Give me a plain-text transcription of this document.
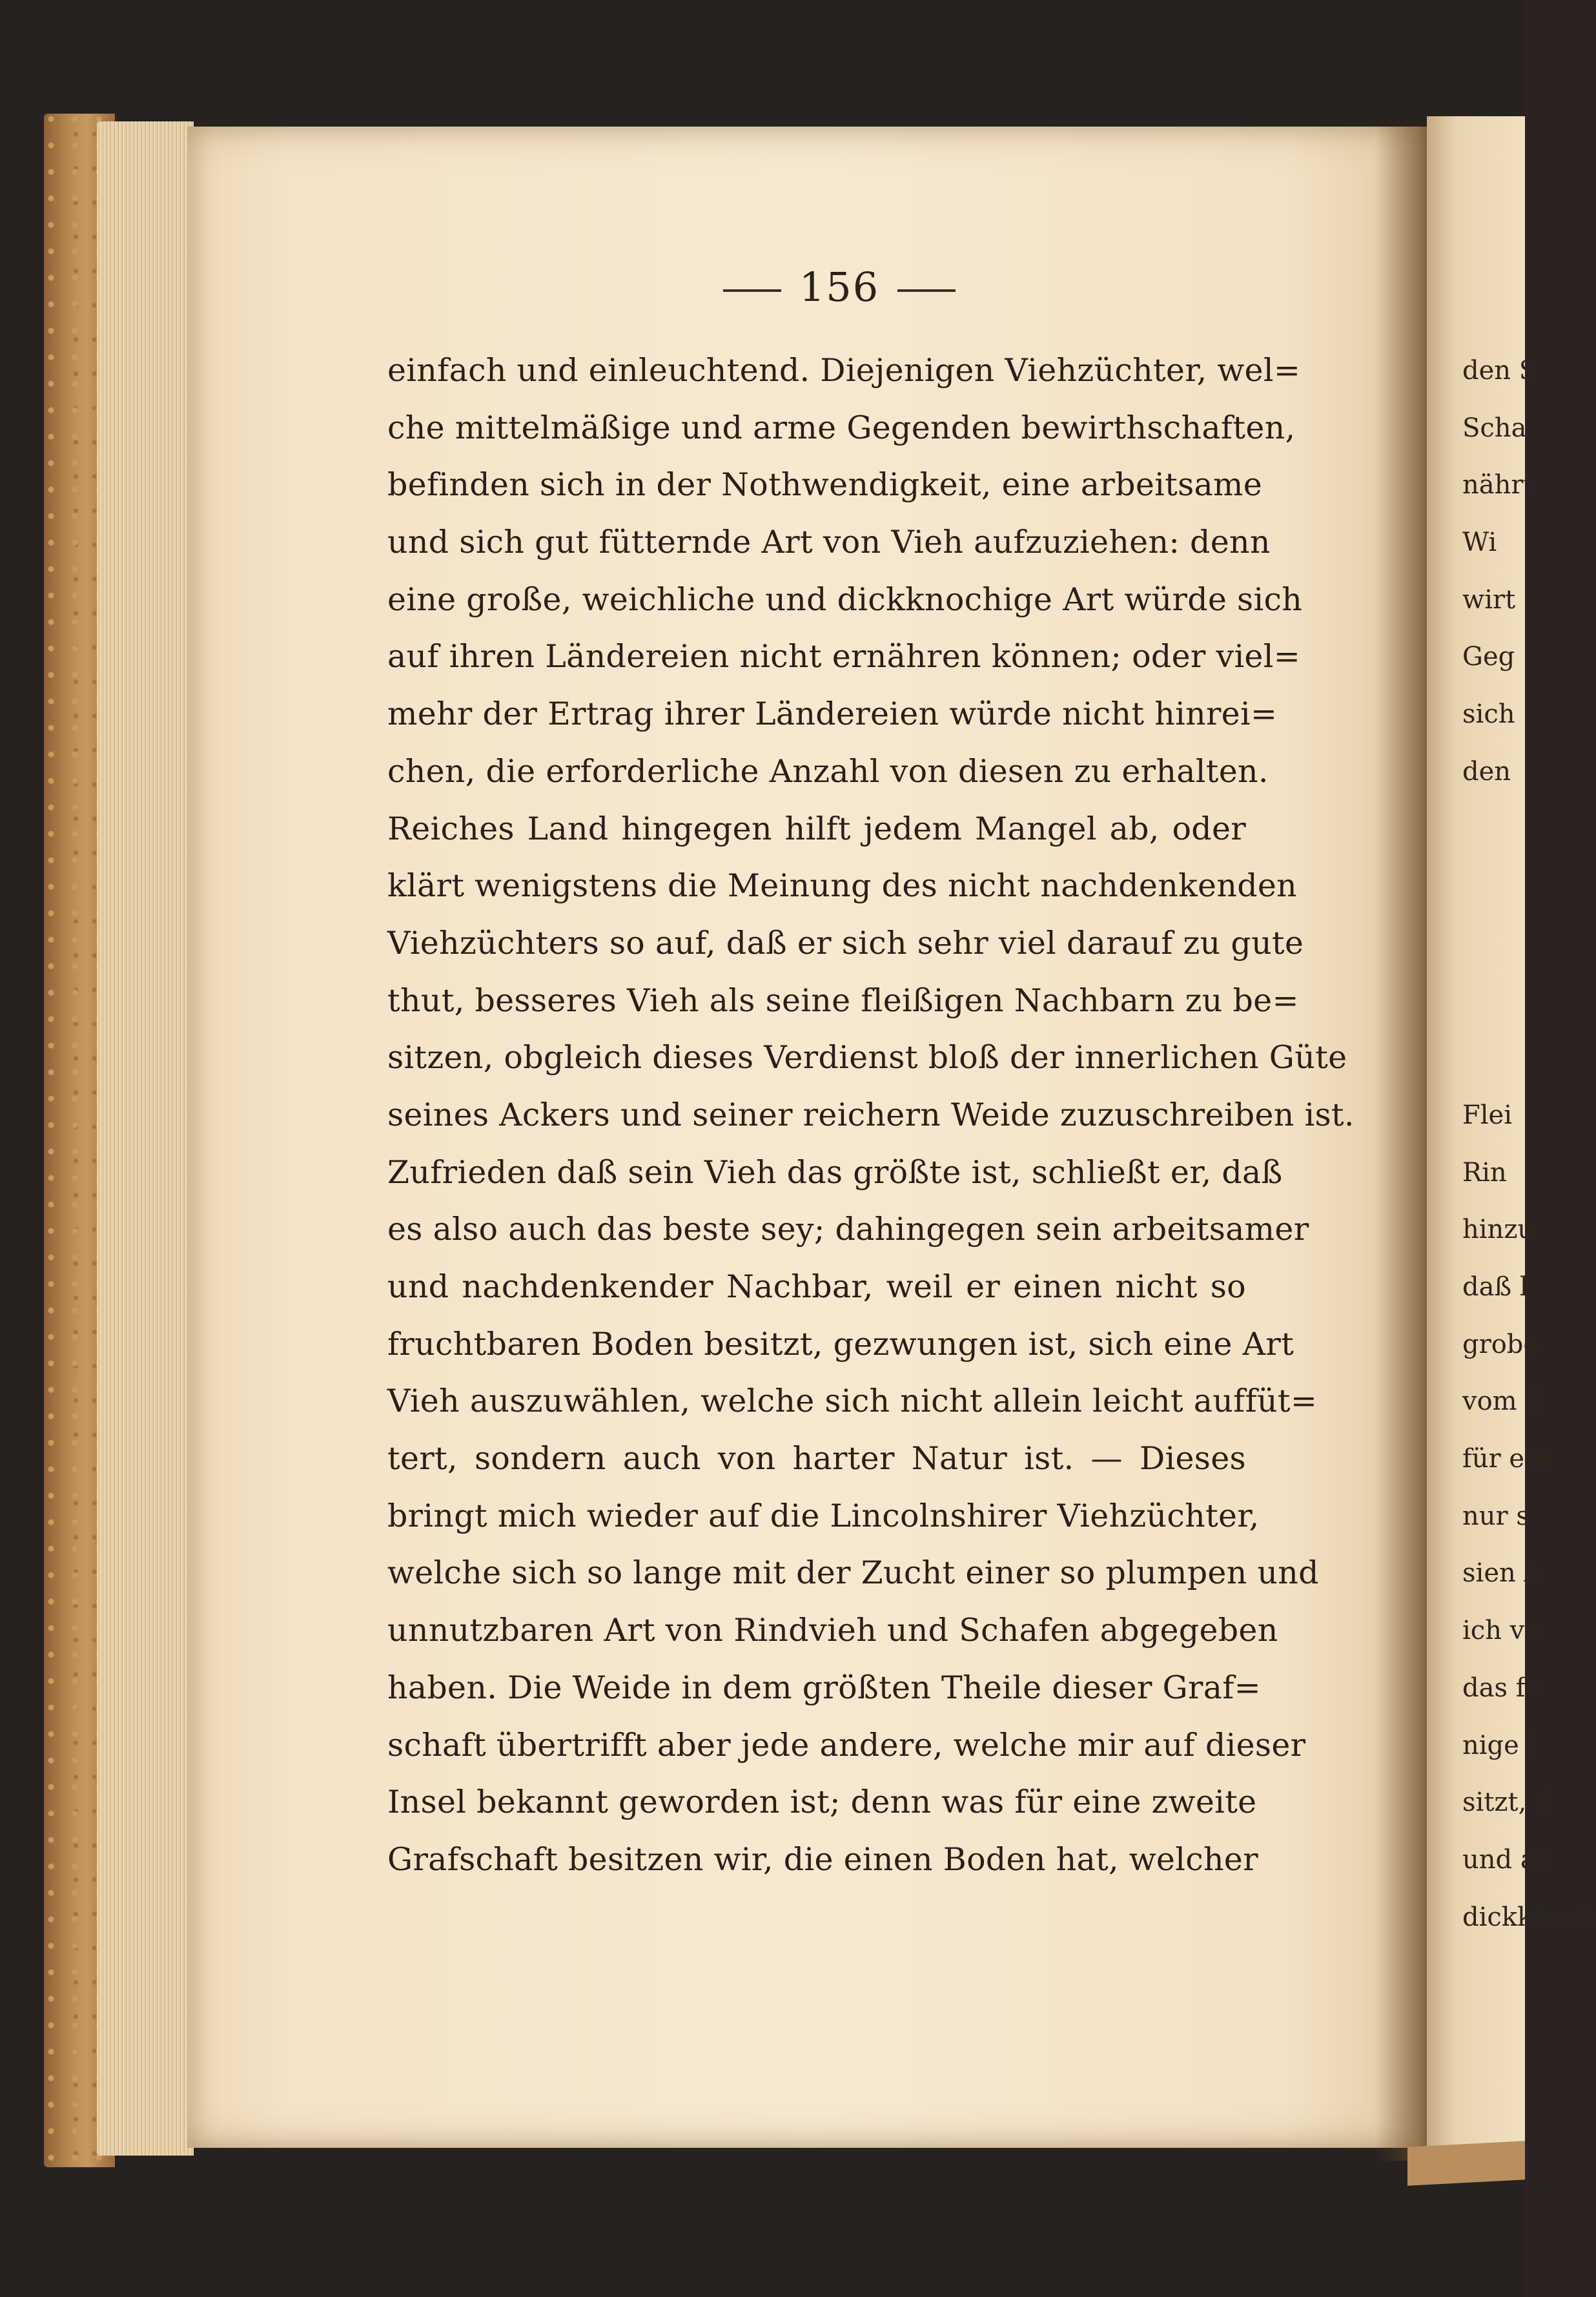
156
einfach und einleuchtend. Diejenigen Viehzüchter, wel=
che mittelmäßige und arme Gegenden bewirthschaften,
befinden sich in der Nothwendigkeit, eine arbeitsame
und sich gut fütternde Art von Vieh aufzuziehen: denn
eine große, weichliche und dickknochige Art würde sich
auf ihren Ländereien nicht ernähren können; oder viel=
mehr der Ertrag ihrer Ländereien würde nicht hinrei=
chen, die erforderliche Anzahl von diesen zu erhalten.
Reiches Land hingegen hilft jedem Mangel ab, oder
klärt wenigstens die Meinung des nicht nachdenkenden
Viehzüchters so auf, daß er sich sehr viel darauf zu gute
thut, besseres Vieh als seine fleißigen Nachbarn zu be=
sitzen, obgleich dieses Verdienst bloß der innerlichen Güte
seines Ackers und seiner reichern Weide zuzuschreiben ist.
Zufrieden daß sein Vieh das größte ist, schließt er, daß
es also auch das beste sey; dahingegen sein arbeitsamer
und nachdenkender Nachbar, weil er einen nicht so
fruchtbaren Boden besitzt, gezwungen ist, sich eine Art
Vieh auszuwählen, welche sich nicht allein leicht auffüt=
tert, sondern auch von harter Natur ist. — Dieses
bringt mich wieder auf die Lincolnshirer Viehzüchter,
welche sich so lange mit der Zucht einer so plumpen und
unnutzbaren Art von Rindvieh und Schafen abgegeben
haben. Die Weide in dem größten Theile dieser Graf=
schaft übertrifft aber jede andere, welche mir auf dieser
Insel bekannt geworden ist; denn was für eine zweite
Grafschaft besitzen wir, die einen Boden hat, welcher
den S
Scha
nährt
Wi
wirt
Geg
sich
den
Flei
Rin
hinzu
daß l
grobe
vom G
für ein
nur s
sien A
ich vo
das fe
nige i
sitzt, d
und all
dickknoch
